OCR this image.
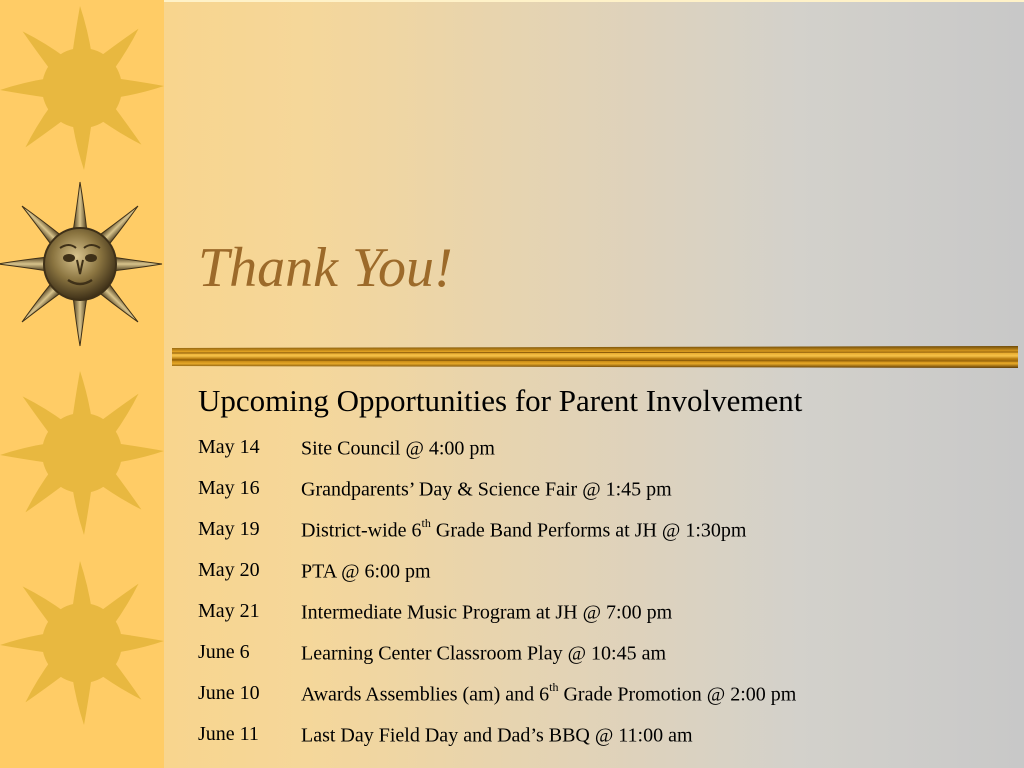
Thank You!
Upcoming Opportunities for Parent Involvement
May 14	Site Council @ 4:00 pm
May 16	Grandparents’ Day & Science Fair @ 1:45 pm
May 19	District-wide 6th Grade Band Performs at JH @ 1:30pm
May 20	PTA @ 6:00 pm
May 21	Intermediate Music Program at JH @ 7:00 pm
June 6	Learning Center Classroom Play @ 10:45 am
June 10	Awards Assemblies (am) and 6th Grade Promotion @ 2:00 pm
June 11	Last Day Field Day and Dad’s BBQ @ 11:00 am
